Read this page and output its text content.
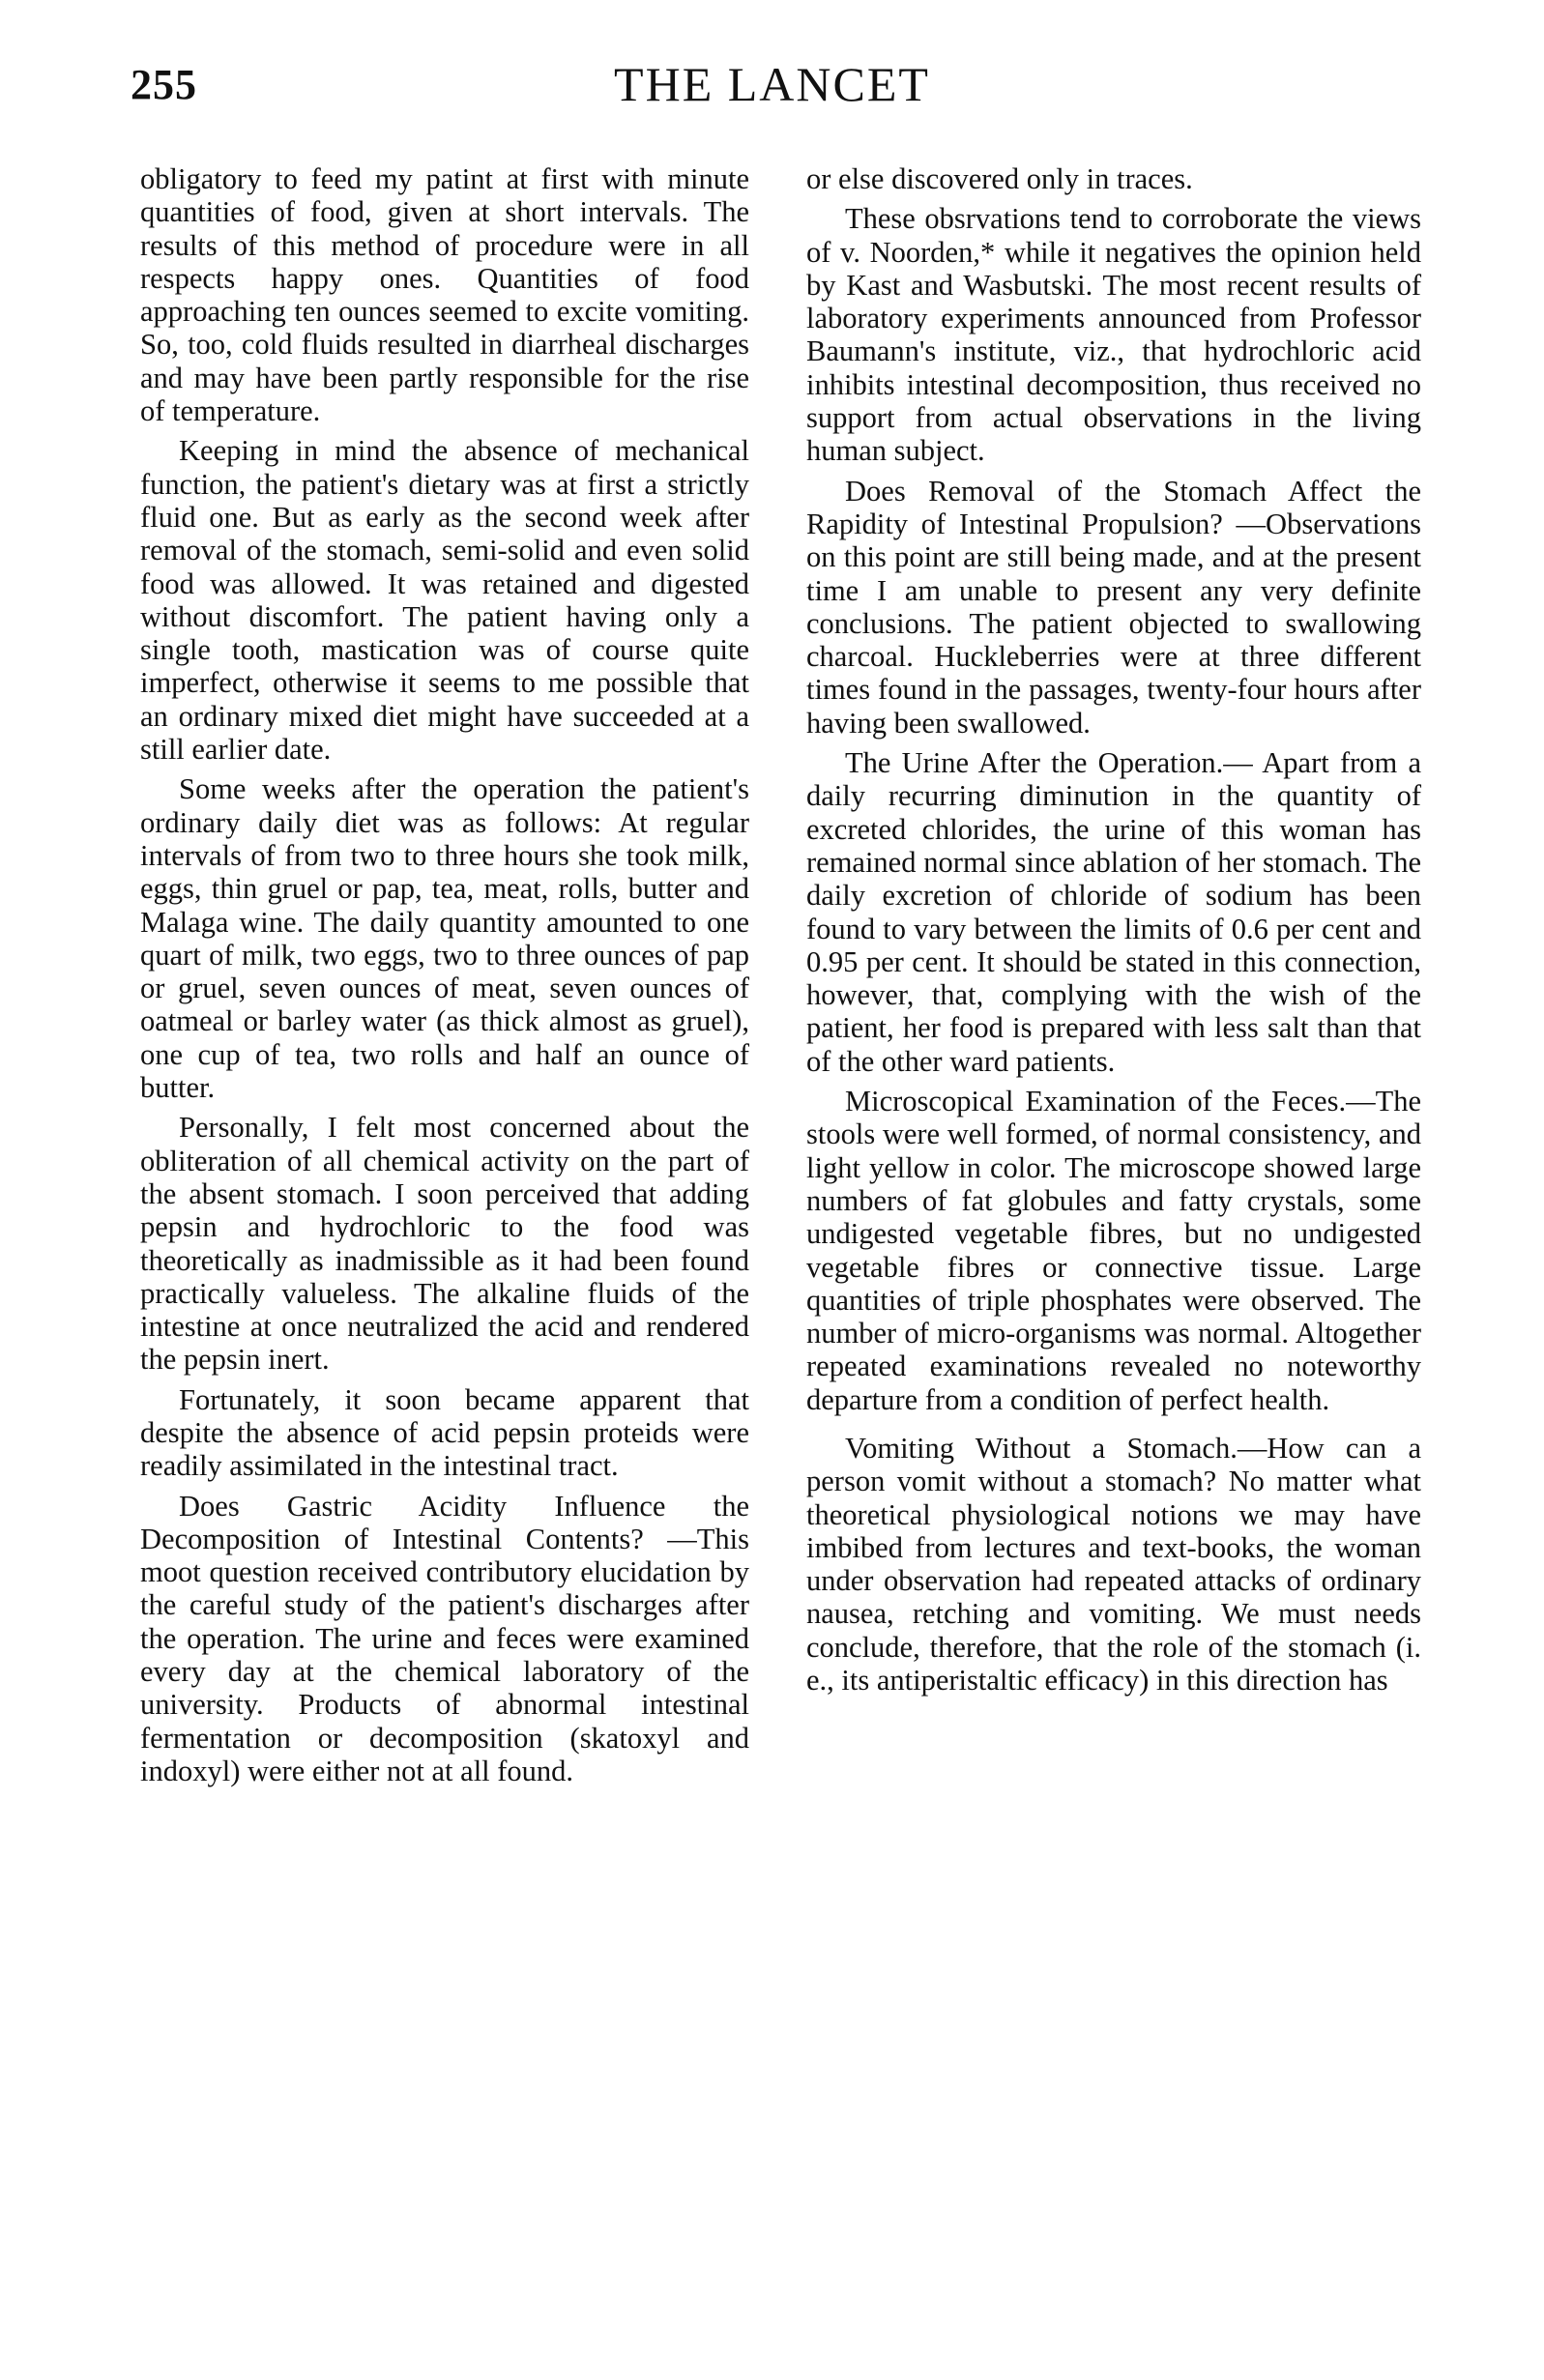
255	THE LANCET

obligatory to feed my patint at first with minute quantities of food, given at short intervals. The results of this method of procedure were in all respects happy ones. Quantities of food approaching ten ounces seemed to excite vomiting. So, too, cold fluids resulted in diarrheal discharges and may have been partly responsible for the rise of temperature.

Keeping in mind the absence of mechanical function, the patient's dietary was at first a strictly fluid one. But as early as the second week after removal of the stomach, semi-solid and even solid food was allowed. It was retained and digested without discomfort. The patient having only a single tooth, mastication was of course quite imperfect, otherwise it seems to me possible that an ordinary mixed diet might have succeeded at a still earlier date.

Some weeks after the operation the patient's ordinary daily diet was as follows: At regular intervals of from two to three hours she took milk, eggs, thin gruel or pap, tea, meat, rolls, butter and Malaga wine. The daily quantity amounted to one quart of milk, two eggs, two to three ounces of pap or gruel, seven ounces of meat, seven ounces of oatmeal or barley water (as thick almost as gruel), one cup of tea, two rolls and half an ounce of butter.

Personally, I felt most concerned about the obliteration of all chemical activity on the part of the absent stomach. I soon perceived that adding pepsin and hydrochloric to the food was theoretically as inadmissible as it had been found practically valueless. The alkaline fluids of the intestine at once neutralized the acid and rendered the pepsin inert.

Fortunately, it soon became apparent that despite the absence of acid pepsin proteids were readily assimilated in the intestinal tract.

Does Gastric Acidity Influence the Decomposition of Intestinal Contents? —This moot question received contributory elucidation by the careful study of the patient's discharges after the operation. The urine and feces were examined every day at the chemical laboratory of the university. Products of abnormal intestinal fermentation or decomposition (skatoxyl and indoxyl) were either not at all found.

or else discovered only in traces.

These obsrvations tend to corroborate the views of v. Noorden,* while it negatives the opinion held by Kast and Wasbutski. The most recent results of laboratory experiments announced from Professor Baumann's institute, viz., that hydrochloric acid inhibits intestinal decomposition, thus received no support from actual observations in the living human subject.

Does Removal of the Stomach Affect the Rapidity of Intestinal Propulsion? —Observations on this point are still being made, and at the present time I am unable to present any very definite conclusions. The patient objected to swallowing charcoal. Huckleberries were at three different times found in the passages, twenty-four hours after having been swallowed.

The Urine After the Operation.— Apart from a daily recurring diminution in the quantity of excreted chlorides, the urine of this woman has remained normal since ablation of her stomach. The daily excretion of chloride of sodium has been found to vary between the limits of 0.6 per cent and 0.95 per cent. It should be stated in this connection, however, that, complying with the wish of the patient, her food is prepared with less salt than that of the other ward patients.

Microscopical Examination of the Feces.—The stools were well formed, of normal consistency, and light yellow in color. The microscope showed large numbers of fat globules and fatty crystals, some undigested vegetable fibres, but no undigested vegetable fibres or connective tissue. Large quantities of triple phosphates were observed. The number of micro-organisms was normal. Altogether repeated examinations revealed no noteworthy departure from a condition of perfect health.

Vomiting Without a Stomach.—How can a person vomit without a stomach? No matter what theoretical physiological notions we may have imbibed from lectures and text-books, the woman under observation had repeated attacks of ordinary nausea, retching and vomiting. We must needs conclude, therefore, that the role of the stomach (i. e., its antiperistaltic efficacy) in this direction has
